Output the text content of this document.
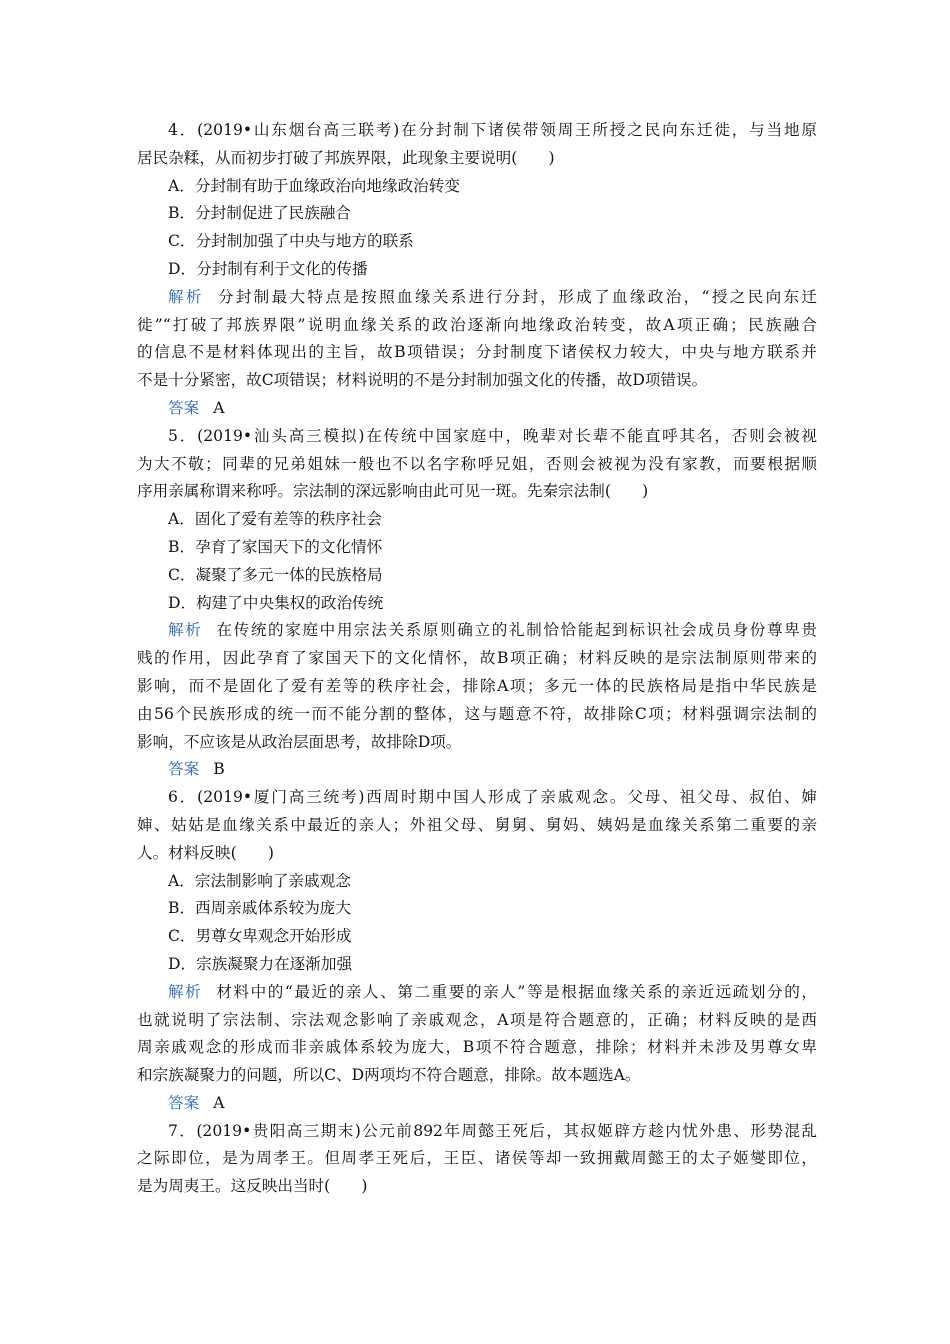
4．(2019•山东烟台高三联考)在分封制下诸侯带领周王所授之民向东迁徙，与当地原
居民杂糅，从而初步打破了邦族界限，此现象主要说明(　　)
A．分封制有助于血缘政治向地缘政治转变
B．分封制促进了民族融合
C．分封制加强了中央与地方的联系
D．分封制有利于文化的传播
解析 分封制最大特点是按照血缘关系进行分封，形成了血缘政治，“授之民向东迁
徙”“打破了邦族界限”说明血缘关系的政治逐渐向地缘政治转变，故A项正确；民族融合
的信息不是材料体现出的主旨，故B项错误；分封制度下诸侯权力较大，中央与地方联系并
不是十分紧密，故C项错误；材料说明的不是分封制加强文化的传播，故D项错误。
答案 A
5．(2019•汕头高三模拟)在传统中国家庭中，晚辈对长辈不能直呼其名，否则会被视
为大不敬；同辈的兄弟姐妹一般也不以名字称呼兄姐，否则会被视为没有家教，而要根据顺
序用亲属称谓来称呼。宗法制的深远影响由此可见一斑。先秦宗法制(　　)
A．固化了爱有差等的秩序社会
B．孕育了家国天下的文化情怀
C．凝聚了多元一体的民族格局
D．构建了中央集权的政治传统
解析 在传统的家庭中用宗法关系原则确立的礼制恰恰能起到标识社会成员身份尊卑贵
贱的作用，因此孕育了家国天下的文化情怀，故B项正确；材料反映的是宗法制原则带来的
影响，而不是固化了爱有差等的秩序社会，排除A项；多元一体的民族格局是指中华民族是
由56个民族形成的统一而不能分割的整体，这与题意不符，故排除C项；材料强调宗法制的
影响，不应该是从政治层面思考，故排除D项。
答案 B
6．(2019•厦门高三统考)西周时期中国人形成了亲戚观念。父母、祖父母、叔伯、婶
婶、姑姑是血缘关系中最近的亲人；外祖父母、舅舅、舅妈、姨妈是血缘关系第二重要的亲
人。材料反映(　　)
A．宗法制影响了亲戚观念
B．西周亲戚体系较为庞大
C．男尊女卑观念开始形成
D．宗族凝聚力在逐渐加强
解析 材料中的“最近的亲人、第二重要的亲人”等是根据血缘关系的亲近远疏划分的，
也就说明了宗法制、宗法观念影响了亲戚观念，A项是符合题意的，正确；材料反映的是西
周亲戚观念的形成而非亲戚体系较为庞大，B项不符合题意，排除；材料并未涉及男尊女卑
和宗族凝聚力的问题，所以C、D两项均不符合题意，排除。故本题选A。
答案 A
7．(2019•贵阳高三期末)公元前892年周懿王死后，其叔姬辟方趁内忧外患、形势混乱
之际即位，是为周孝王。但周孝王死后，王臣、诸侯等却一致拥戴周懿王的太子姬燮即位，
是为周夷王。这反映出当时(　　)
